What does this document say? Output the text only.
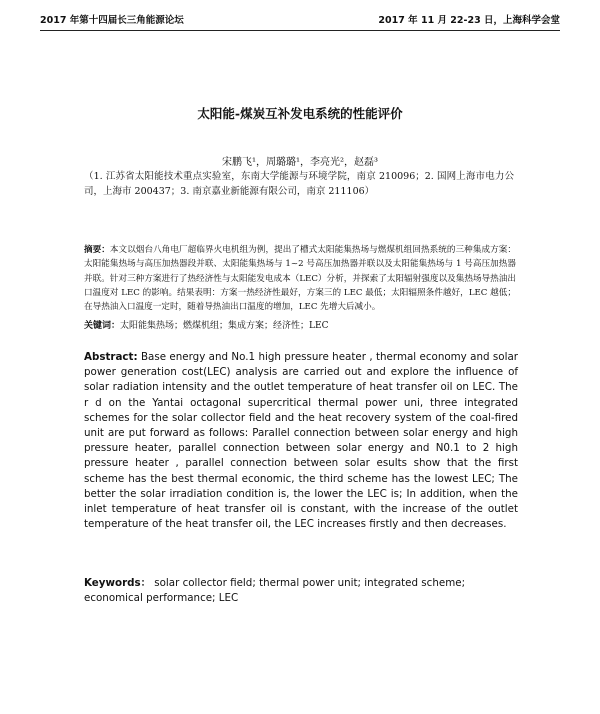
2017 年第十四届长三角能源论坛	2017 年 11 月 22-23 日，上海科学会堂
太阳能-煤炭互补发电系统的性能评价
宋鹏飞¹，周璐璐¹，李亮光²，赵磊³
（1. 江苏省太阳能技术重点实验室，东南大学能源与环境学院，南京 210096；2. 国网上海市电力公司，上海市 200437；3. 南京嘉业新能源有限公司，南京 211106）
摘要：本文以烟台八角电厂超临界火电机组为例，提出了槽式太阳能集热场与燃煤机组回热系统的三种集成方案：太阳能集热场与高压加热器段并联、太阳能集热场与 1~2 号高压加热器并联以及太阳能集热场与 1 号高压加热器并联。针对三种方案进行了热经济性与太阳能发电成本（LEC）分析，并探索了太阳辐射强度以及集热场导热油出口温度对 LEC 的影响。结果表明：方案一热经济性最好，方案三的 LEC 最低；太阳辐照条件越好，LEC 越低；在导热油入口温度一定时，随着导热油出口温度的增加，LEC 先增大后减小。
关键词：太阳能集热场；燃煤机组；集成方案；经济性；LEC
Abstract: Base energy and No.1 high pressure heater , thermal economy and solar power generation cost(LEC) analysis are carried out and explore the influence of solar radiation intensity and the outlet temperature of heat transfer oil on LEC. The r d on the Yantai octagonal supercritical thermal power uni, three integrated schemes for the solar collector field and the heat recovery system of the coal-fired unit are put forward as follows: Parallel connection between solar energy and high pressure heater, parallel connection between solar energy and N0.1 to 2 high pressure heater , parallel connection between solar esults show that the first scheme has the best thermal economic, the third scheme has the lowest LEC; The better the solar irradiation condition is, the lower the LEC is; In addition, when the inlet temperature of heat transfer oil is constant, with the increase of the outlet temperature of the heat transfer oil, the LEC increases firstly and then decreases.
Keywords： solar collector field; thermal power unit; integrated scheme; economical performance; LEC
